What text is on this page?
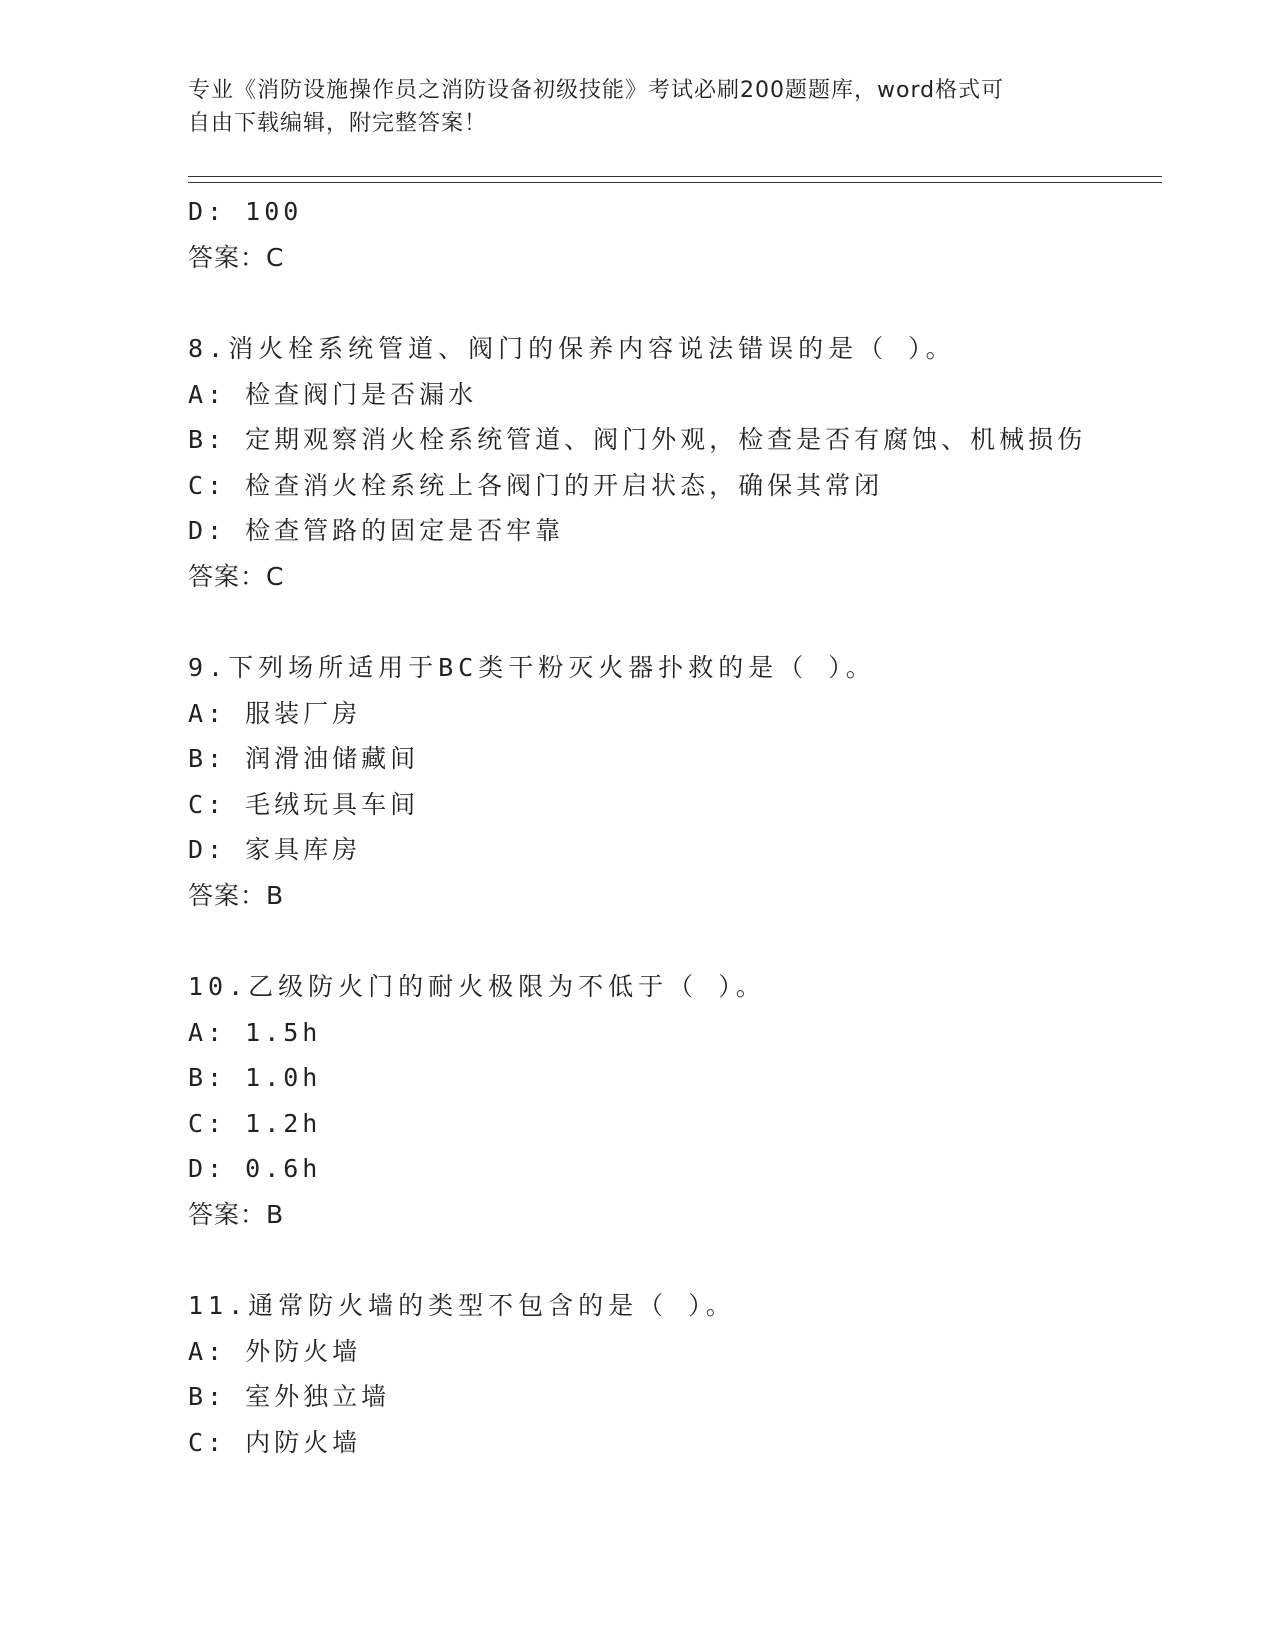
专业《消防设施操作员之消防设备初级技能》考试必刷200题题库，word格式可
自由下载编辑，附完整答案！
D: 100
答案：C
8.消火栓系统管道、阀门的保养内容说法错误的是（ ）。
A: 检查阀门是否漏水
B: 定期观察消火栓系统管道、阀门外观，检查是否有腐蚀、机械损伤
C: 检查消火栓系统上各阀门的开启状态，确保其常闭
D: 检查管路的固定是否牢靠
答案：C
9.下列场所适用于BC类干粉灭火器扑救的是（ ）。
A: 服装厂房
B: 润滑油储藏间
C: 毛绒玩具车间
D: 家具库房
答案：B
10.乙级防火门的耐火极限为不低于（ ）。
A: 1.5h
B: 1.0h
C: 1.2h
D: 0.6h
答案：B
11.通常防火墙的类型不包含的是（ ）。
A: 外防火墙
B: 室外独立墙
C: 内防火墙
